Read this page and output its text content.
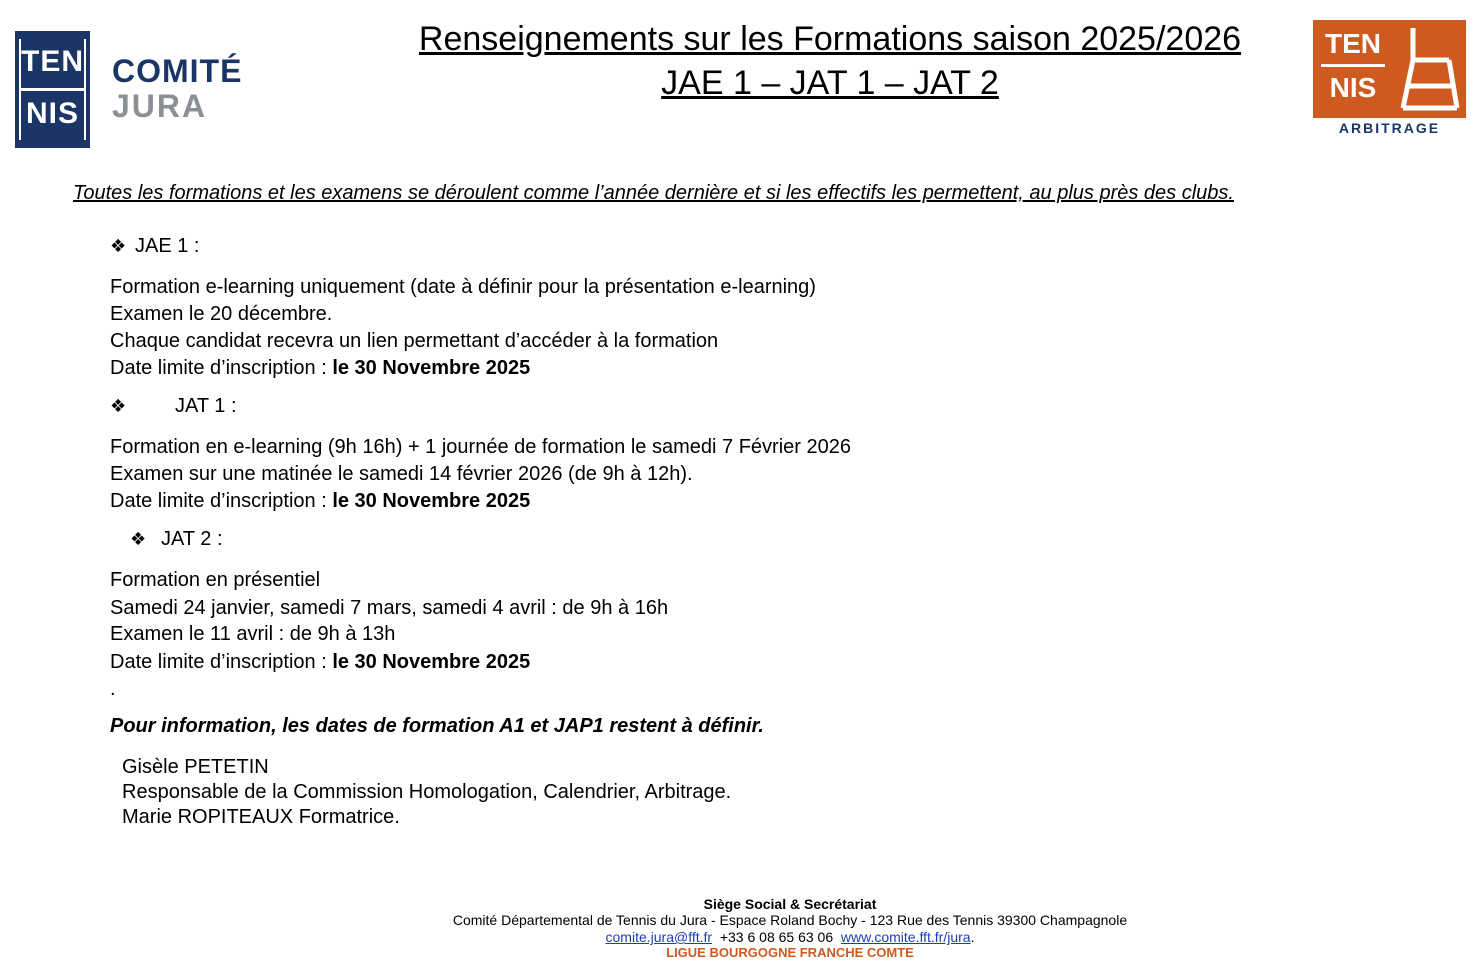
TEN
NIS
COMITÉ
JURA
TEN
NIS
ARBITRAGE
Renseignements sur les Formations saison 2025/2026
JAE 1 – JAT 1 – JAT 2
Toutes les formations et les examens se déroulent comme l’année dernière et si les effectifs les permettent, au plus près des clubs.
❖ JAE 1 :
Formation e-learning uniquement (date à définir pour la présentation e-learning)
Examen le 20 décembre.
Chaque candidat recevra un lien permettant d’accéder à la formation
Date limite d’inscription : le 30 Novembre 2025
❖ JAT 1 :
Formation en e-learning (9h 16h) + 1 journée de formation le samedi 7 Février 2026
Examen sur une matinée le samedi 14 février 2026 (de 9h à 12h).
Date limite d’inscription : le 30 Novembre 2025
❖ JAT 2 :
Formation en présentiel
Samedi 24 janvier, samedi 7 mars, samedi 4 avril : de 9h à 16h
Examen le 11 avril : de 9h à 13h
Date limite d’inscription : le 30 Novembre 2025
.
Pour information, les dates de formation A1 et JAP1 restent à définir.
Gisèle PETETIN
Responsable de la Commission Homologation, Calendrier, Arbitrage.
Marie ROPITEAUX Formatrice.
Siège Social & Secrétariat
Comité Départemental de Tennis du Jura - Espace Roland Bochy - 123 Rue des Tennis 39300 Champagnole
comite.jura@fft.fr  +33 6 08 65 63 06  www.comite.fft.fr/jura.
LIGUE BOURGOGNE FRANCHE COMTE
